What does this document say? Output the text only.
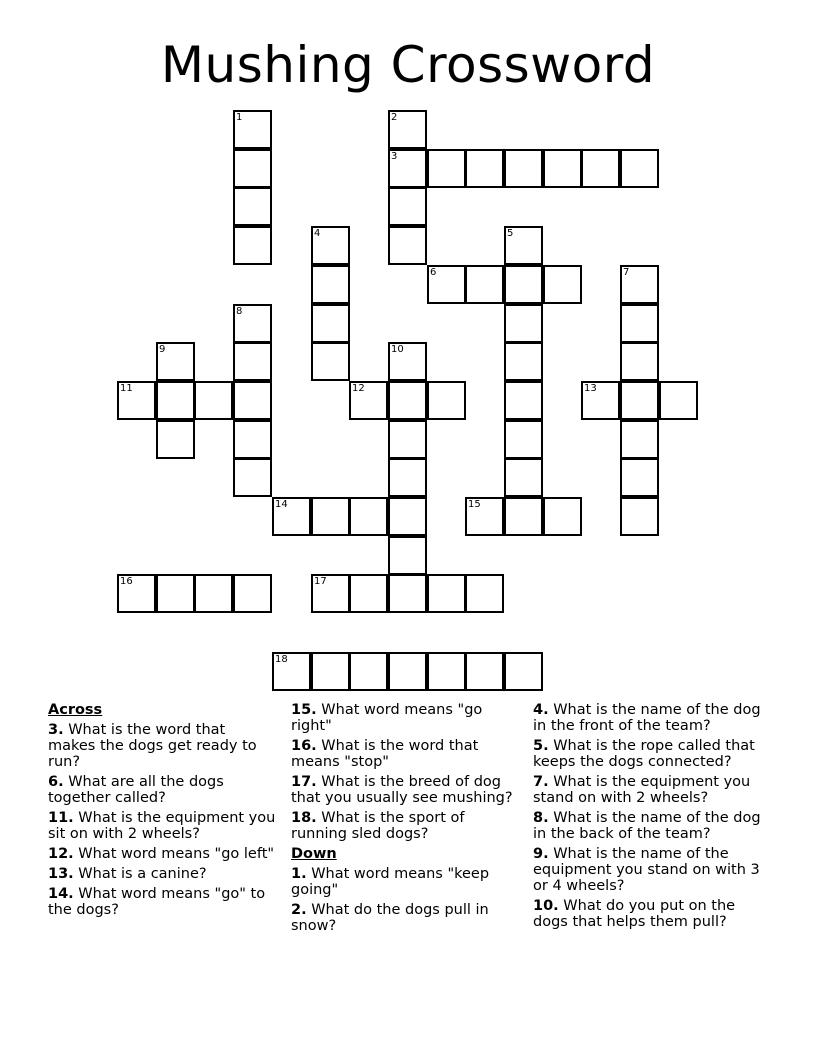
Mushing Crossword
1	2
3
4	5
6	7
8
9	10
11	12	13
14	15
16	17
18
Across
3. What is the word that makes the dogs get ready to run?
6. What are all the dogs together called?
11. What is the equipment you sit on with 2 wheels?
12. What word means "go left"
13. What is a canine?
14. What word means "go" to the dogs?
15. What word means "go right"
16. What is the word that means "stop"
17. What is the breed of dog that you usually see mushing?
18. What is the sport of running sled dogs?
Down
1. What word means "keep going"
2. What do the dogs pull in snow?
4. What is the name of the dog in the front of the team?
5. What is the rope called that keeps the dogs connected?
7. What is the equipment you stand on with 2 wheels?
8. What is the name of the dog in the back of the team?
9. What is the name of the equipment you stand on with 3 or 4 wheels?
10. What do you put on the dogs that helps them pull?
